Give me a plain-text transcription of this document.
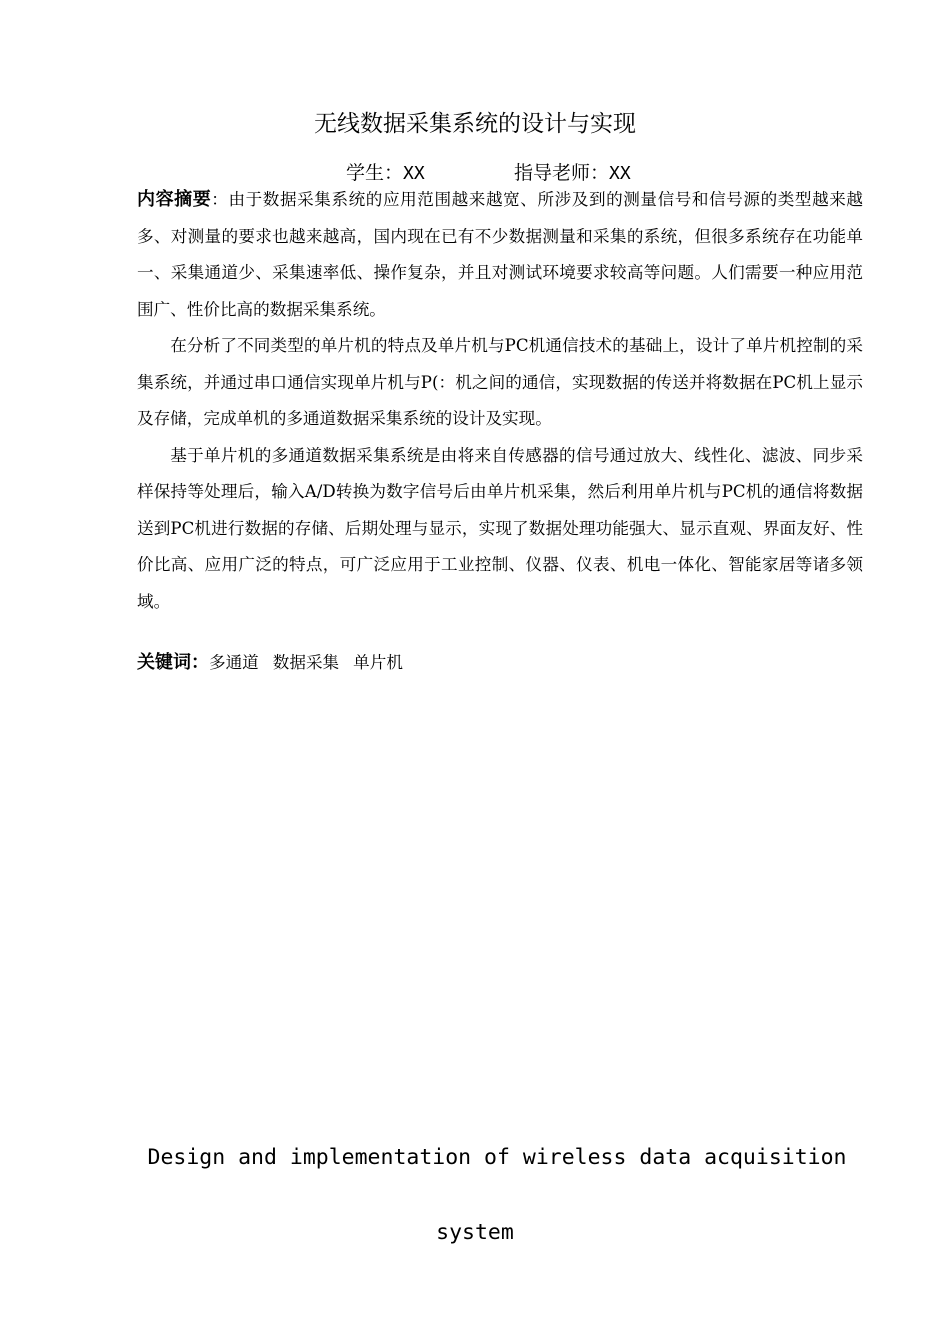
无线数据采集系统的设计与实现
学生：XX	指导老师：XX

内容摘要：由于数据采集系统的应用范围越来越宽、所涉及到的测量信号和信号源的类型越来越多、对测量的要求也越来越高，国内现在已有不少数据测量和采集的系统，但很多系统存在功能单一、采集通道少、采集速率低、操作复杂，并且对测试环境要求较高等问题。人们需要一种应用范围广、性价比高的数据采集系统。

在分析了不同类型的单片机的特点及单片机与PC机通信技术的基础上，设计了单片机控制的采集系统，并通过串口通信实现单片机与P(：机之间的通信，实现数据的传送并将数据在PC机上显示及存储，完成单机的多通道数据采集系统的设计及实现。

基于单片机的多通道数据采集系统是由将来自传感器的信号通过放大、线性化、滤波、同步采样保持等处理后，输入A/D转换为数字信号后由单片机采集，然后利用单片机与PC机的通信将数据送到PC机进行数据的存储、后期处理与显示，实现了数据处理功能强大、显示直观、界面友好、性价比高、应用广泛的特点，可广泛应用于工业控制、仪器、仪表、机电一体化、智能家居等诸多领域。

关键词：多通道 数据采集 单片机
Design and implementation of wireless data acquisition
system
